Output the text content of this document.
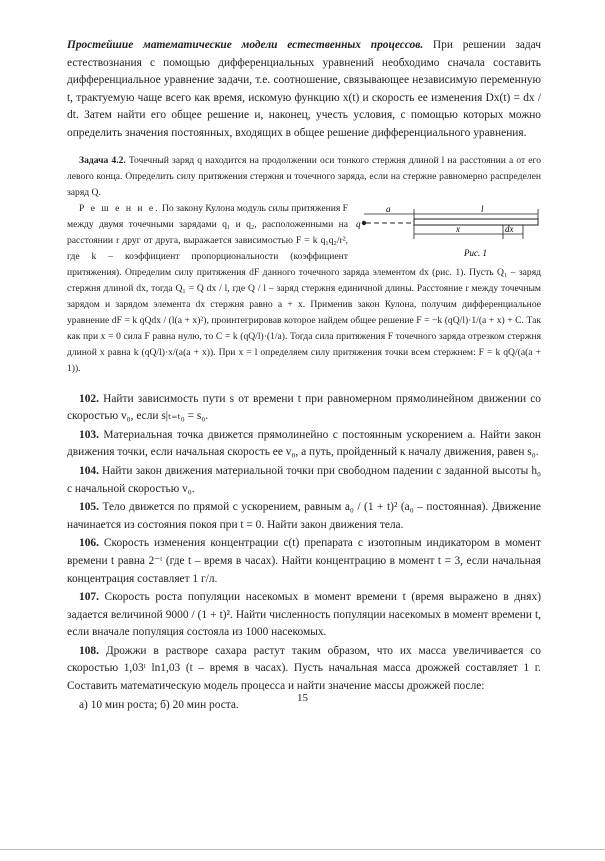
Простейшие математические модели естественных процессов. При решении задач естествознания с помощью дифференциальных уравнений необходимо сначала составить дифференциальное уравнение задачи, т.е. соотношение, связывающее независимую переменную t, трактуемую чаще всего как время, искомую функцию x(t) и скорость ее изменения Dx(t) = dx / dt. Затем найти его общее решение и, наконец, учесть условия, с помощью которых можно определить значения постоянных, входящих в общее решение дифференциального уравнения.

Задача 4.2. Точечный заряд q находится на продолжении оси тонкого стержня длиной l на расстоянии a от его левого конца. Определить силу притяжения стержня и точечного заряда, если на стержне равномерно распределен заряд Q.

q
a	l
x	dx
Рис. 1

Р е ш е н и е. По закону Кулона модуль силы притяжения F между двумя точечными зарядами q₁ и q₂, расположенными на расстоянии r друг от друга, выражается зависимостью F = k q₁q₂/r², где k – коэффициент пропорциональности (коэффициент притяжения). Определим силу притяжения dF данного точечного заряда элементом dx (рис. 1). Пусть Q₁ – заряд стержня длиной dx, тогда Q₁ = Q dx / l, где Q / l – заряд стержня единичной длины. Расстояние r между точечным зарядом и зарядом элемента dx стержня равно a + x. Применив закон Кулона, получим дифференциальное уравнение dF = k qQdx / (l(a + x)²), проинтегрировав которое найдем общее решение F = −k (qQ/l)·1/(a + x) + C. Так как при x = 0 сила F равна нулю, то C = k (qQ/l)·(1/a). Тогда сила притяжения F точечного заряда отрезком стержня длиной x равна k (qQ/l)·x/(a(a + x)). При x = l определяем силу притяжения точки всем стержнем: F = k qQ/(a(a + 1)).

102. Найти зависимость пути s от времени t при равномерном прямолинейном движении со скоростью v₀, если s|ₜ₌ₜ₀ = s₀.

103. Материальная точка движется прямолинейно с постоянным ускорением a. Найти закон движения точки, если начальная скорость ее v₀, а путь, пройденный к началу движения, равен s₀.

104. Найти закон движения материальной точки при свободном падении с заданной высоты h₀ с начальной скоростью v₀.

105. Тело движется по прямой с ускорением, равным a₀ / (1 + t)² (a₀ – постоянная). Движение начинается из состояния покоя при t = 0. Найти закон движения тела.

106. Скорость изменения концентрации c(t) препарата с изотопным индикатором в момент времени t равна 2⁻ᵗ (где t – время в часах). Найти концентрацию в момент t = 3, если начальная концентрация составляет 1 г/л.

107. Скорость роста популяции насекомых в момент времени t (время выражено в днях) задается величиной 9000 / (1 + t)². Найти численность популяции насекомых в момент времени t, если вначале популяция состояла из 1000 насекомых.

108. Дрожжи в растворе сахара растут таким образом, что их масса увеличивается со скоростью 1,03ᵗ ln1,03 (t – время в часах). Пусть начальная масса дрожжей составляет 1 г. Составить математическую модель процесса и найти значение массы дрожжей после:

а) 10 мин роста; б) 20 мин роста.

15
